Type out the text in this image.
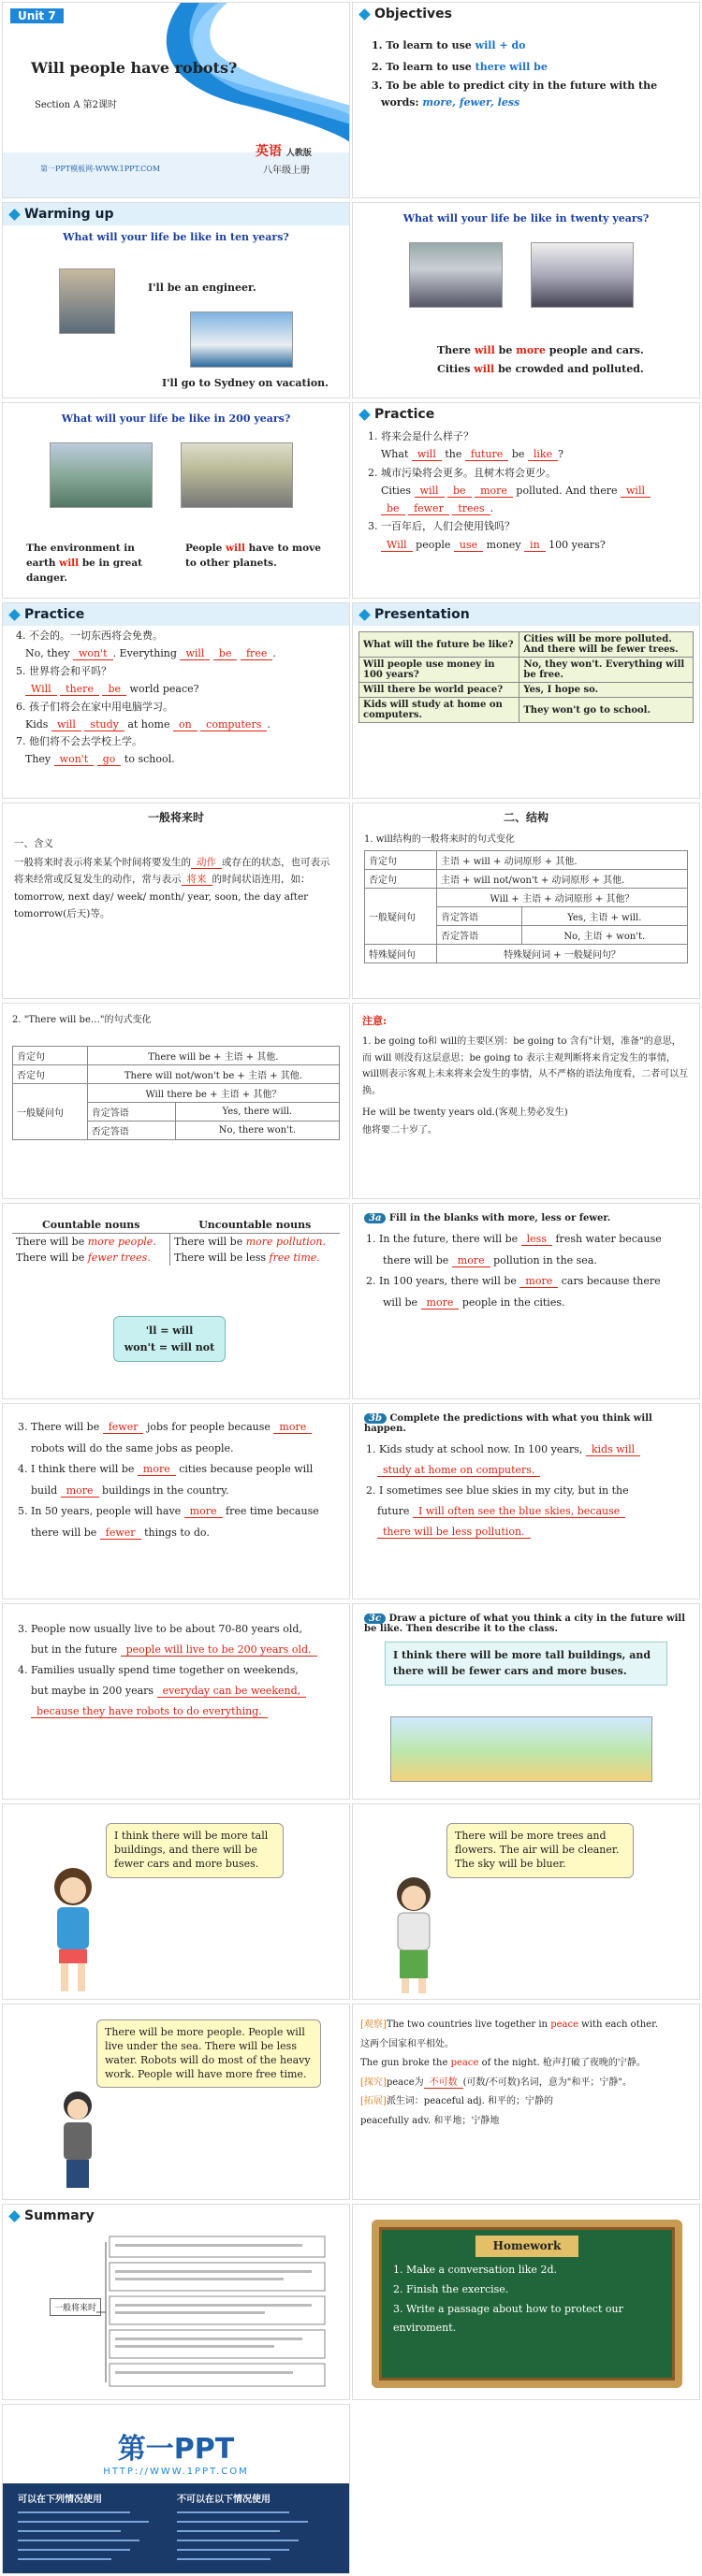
Unit 7
Will people have robots?
Section A 第2课时
英语 人教版
八年级上册
第一PPT模板网-WWW.1PPT.COM
Objectives
1. To learn to use will + do
2. To learn to use there will be
3. To be able to predict city in the future with the
words: more, fewer, less
Warming up
What will your life be like in ten years?
I'll be an engineer.
I'll go to Sydney on vacation.
What will your life be like in twenty years?
There will be more people and cars.
Cities will be crowded and polluted.
What will your life be like in 200 years?
The environment in earth will be in great danger.
People will have to move to other planets.
Practice
1. 将来会是什么样子？
What will the future be like ?
2. 城市污染将会更多。且树木将会更少。
Cities will be more polluted. And there will
be fewer trees .
3. 一百年后，人们会使用钱吗？
Will people use money in 100 years?
Practice
4. 不会的。一切东西将会免费。
No, they won't . Everything will be free .
5. 世界将会和平吗？
Will there be world peace?
6. 孩子们将会在家中用电脑学习。
Kids will study at home on computers .
7. 他们将不会去学校上学。
They won't go to school.
Presentation
What will the future be like?	Cities will be more polluted. And there will be fewer trees.
Will people use money in 100 years?	No, they won't. Everything will be free.
Will there be world peace?	Yes, I hope so.
Kids will study at home on computers.	They won't go to school.
一般将来时
一、含义
一般将来时表示将来某个时间将要发生的 动作 或存在的状态，也可表示将来经常或反复发生的动作，常与表示 将来 的时间状语连用，如：tomorrow, next day/ week/ month/ year, soon, the day after tomorrow(后天)等。
二、结构
1. will结构的一般将来时的句式变化
肯定句	主语 + will + 动词原形 + 其他.	
否定句	主语 + will not/won't + 动词原形 + 其他.	
一般疑问句	Will + 主语 + 动词原形 + 其他？	
	肯定答语	Yes, 主语 + will.
	否定答语	No, 主语 + won't.
特殊疑问句	特殊疑问词 + 一般疑问句？	
2. "There will be…"的句式变化
肯定句	There will be + 主语 + 其他.	
否定句	There will not/won't be + 主语 + 其他.	
一般疑问句	Will there be + 主语 + 其他？	
	肯定答语	Yes, there will.
	否定答语	No, there won't.
注意:
1. be going to和 will的主要区别：be going to 含有"计划，准备"的意思，而 will 则没有这层意思；be going to 表示主观判断将来肯定发生的事情，will则表示客观上未来将来会发生的事情，从不严格的语法角度看，二者可以互换。
He will be twenty years old.(客观上势必发生)
他将要二十岁了。
Countable nouns	Uncountable nouns
There will be more people.	There will be more pollution.
There will be fewer trees.	There will be less free time.
'll = will
won't = will not
3a Fill in the blanks with more, less or fewer.
1. In the future, there will be less fresh water because
there will be more pollution in the sea.
2. In 100 years, there will be more cars because there
will be more people in the cities.
3. There will be fewer jobs for people because more
robots will do the same jobs as people.
4. I think there will be more cities because people will
build more buildings in the country.
5. In 50 years, people will have more free time because
there will be fewer things to do.
3b Complete the predictions with what you think will happen.
1. Kids study at school now. In 100 years, kids will
study at home on computers.
2. I sometimes see blue skies in my city, but in the
future I will often see the blue skies, because
there will be less pollution.
3. People now usually live to be about 70-80 years old,
but in the future people will live to be 200 years old.
4. Families usually spend time together on weekends,
but maybe in 200 years everyday can be weekend,
because they have robots to do everything.
3c Draw a picture of what you think a city in the future will be like. Then describe it to the class.
I think there will be more tall buildings, and there will be fewer cars and more buses.
I think there will be more tall buildings, and there will be fewer cars and more buses.
There will be more trees and flowers. The air will be cleaner. The sky will be bluer.
There will be more people. People will live under the sea. There will be less water. Robots will do most of the heavy work. People will have more free time.
[观察]The two countries live together in peace with each other.
这两个国家和平相处。
The gun broke the peace of the night. 枪声打破了夜晚的宁静。
[探究]peace为 不可数 (可数/不可数)名词，意为"和平；宁静"。
[拓展]派生词：peaceful adj. 和平的；宁静的
peacefully adv. 和平地；宁静地
Summary
一般将来时
Homework
1. Make a conversation like 2d.
2. Finish the exercise.
3. Write a passage about how to protect our enviroment.
第一PPT
HTTP://WWW.1PPT.COM
可以在下列情况使用	不可以在以下情况使用
